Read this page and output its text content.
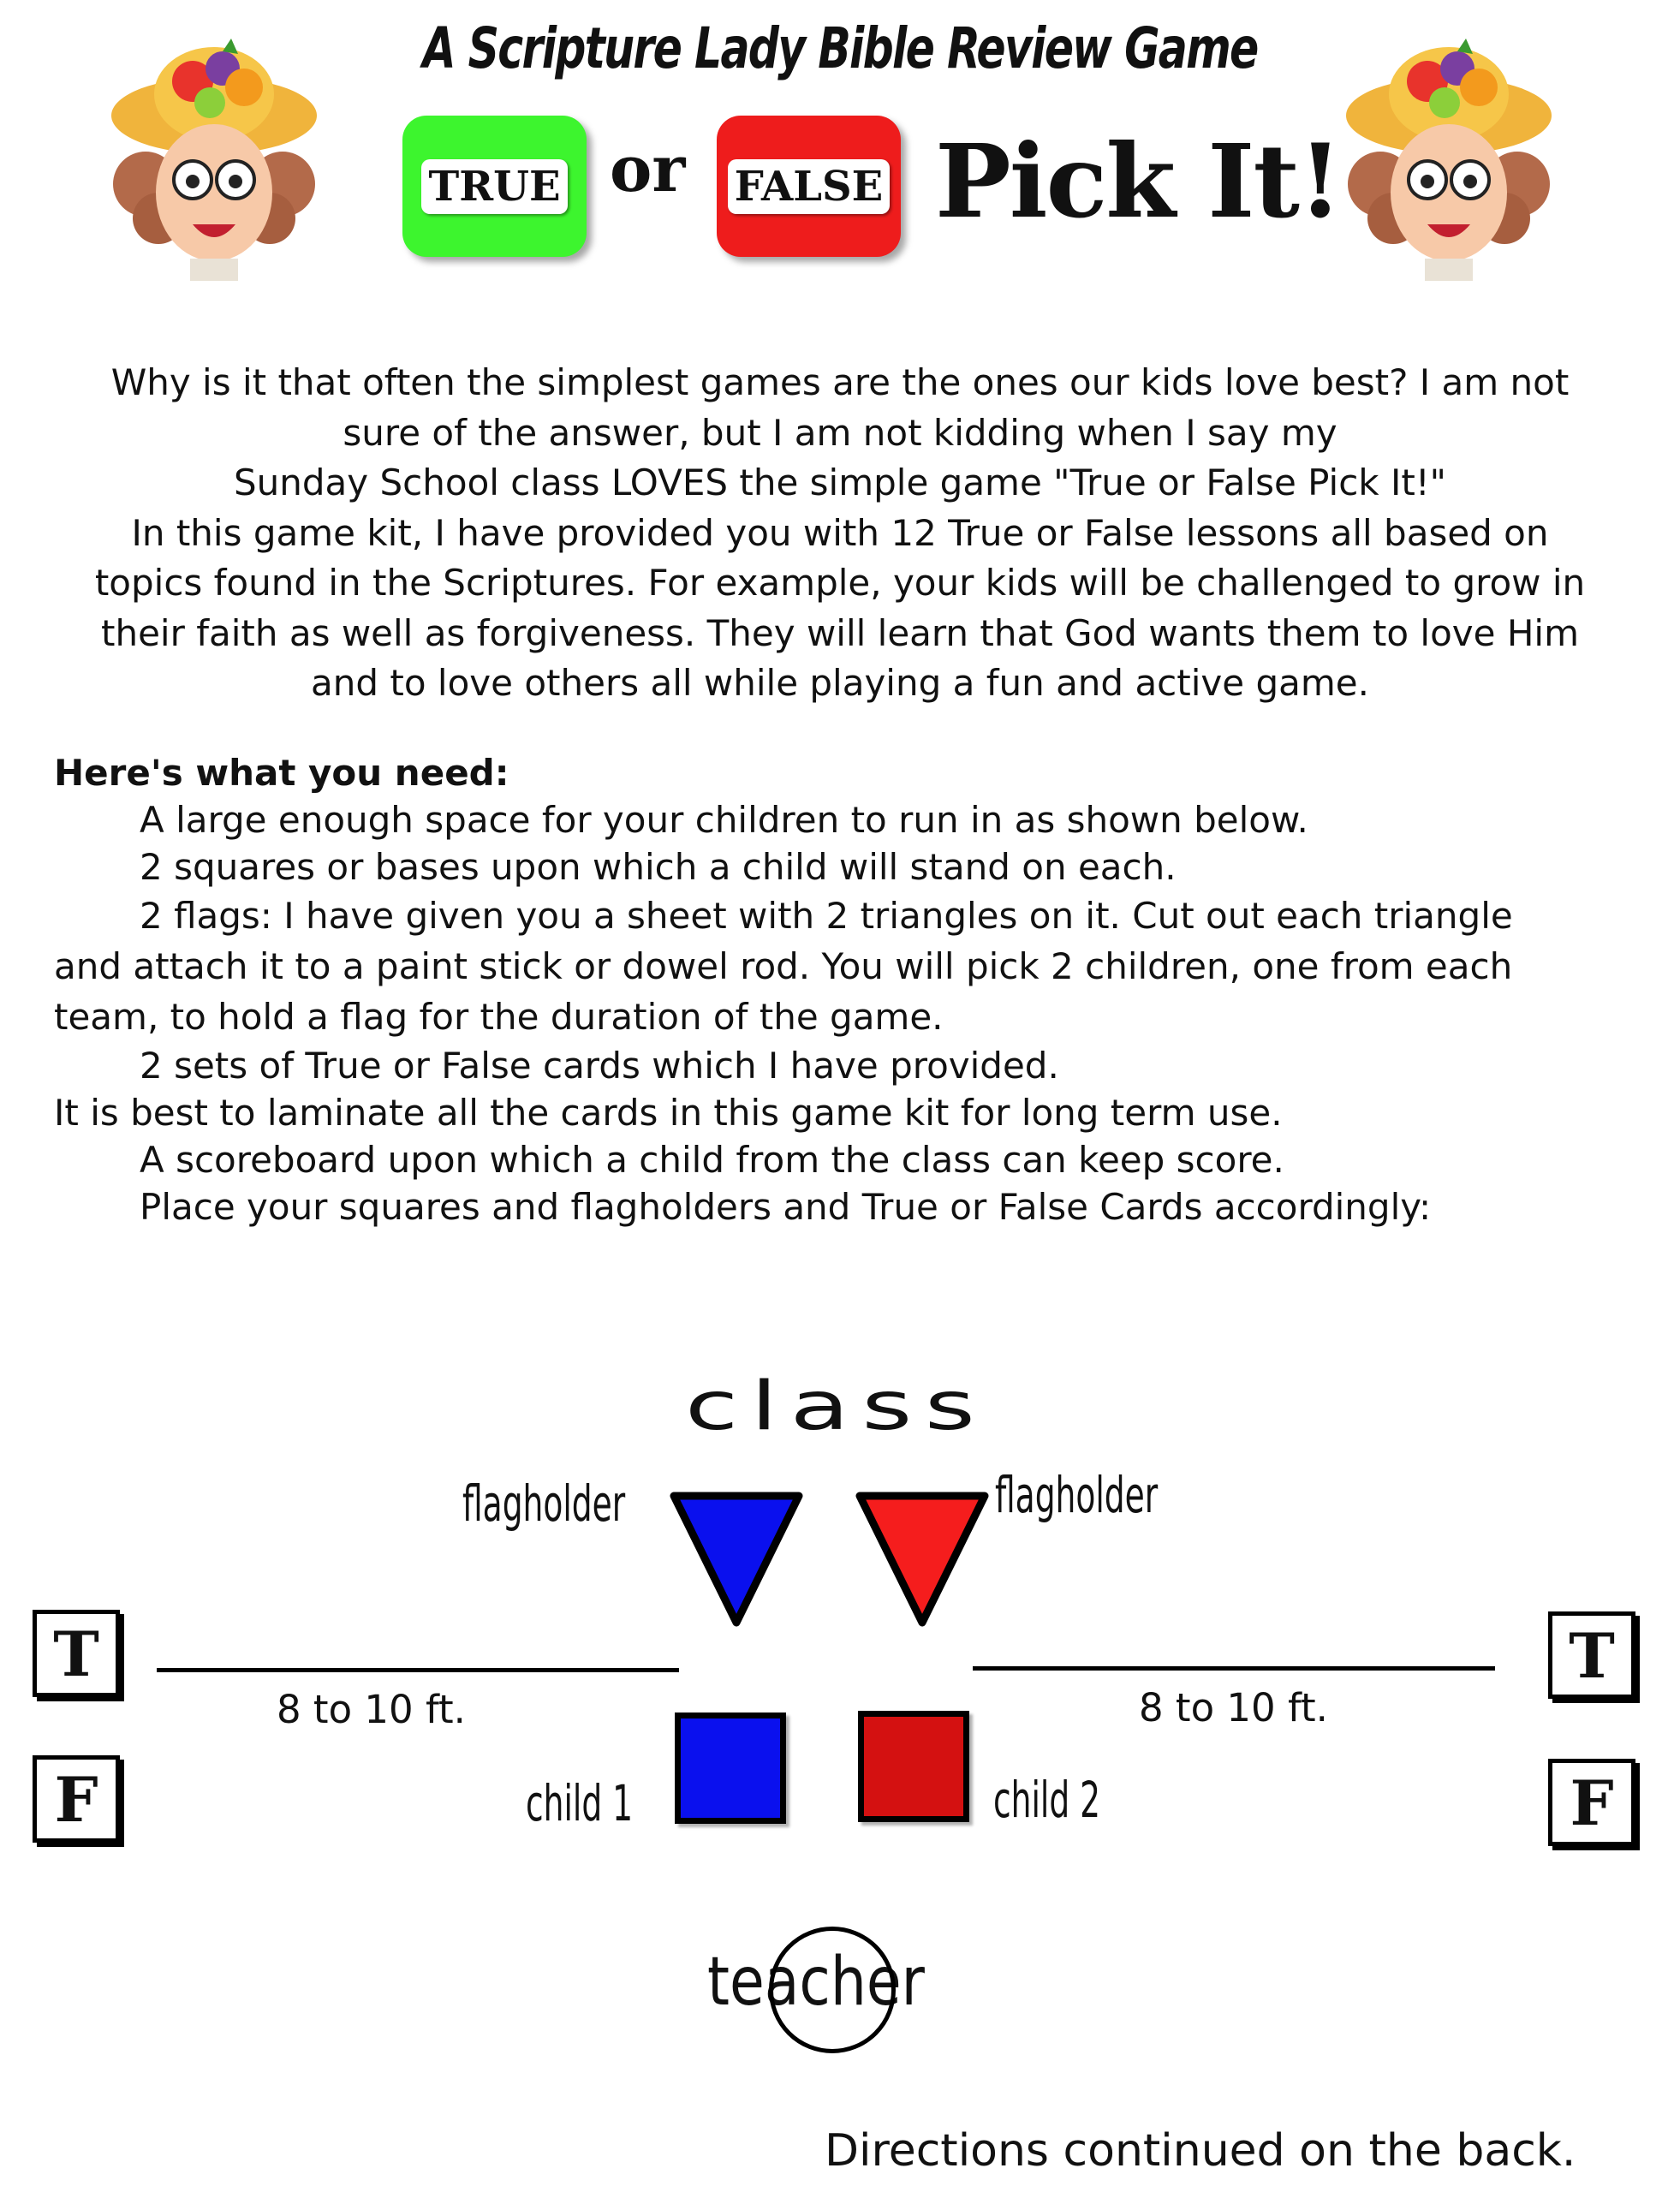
A Scripture Lady Bible Review Game
TRUE or FALSE Pick It!
Why is it that often the simplest games are the ones our kids love best? I am not
sure of the answer, but I am not kidding when I say my
Sunday School class LOVES the simple game "True or False Pick It!"
In this game kit, I have provided you with 12 True or False lessons all based on
topics found in the Scriptures. For example, your kids will be challenged to grow in
their faith as well as forgiveness. They will learn that God wants them to love Him
and to love others all while playing a fun and active game.
Here's what you need:
A large enough space for your children to run in as shown below.
2 squares or bases upon which a child will stand on each.
2 flags: I have given you a sheet with 2 triangles on it. Cut out each triangle
and attach it to a paint stick or dowel rod. You will pick 2 children, one from each
team, to hold a flag for the duration of the game.
2 sets of True or False cards which I have provided.
It is best to laminate all the cards in this game kit for long term use.
A scoreboard upon which a child from the class can keep score.
Place your squares and flagholders and True or False Cards accordingly:
class
flagholder	flagholder
T
F
T
F
8 to 10 ft.	8 to 10 ft.
child 1	child 2
teacher
Directions continued on the back.
